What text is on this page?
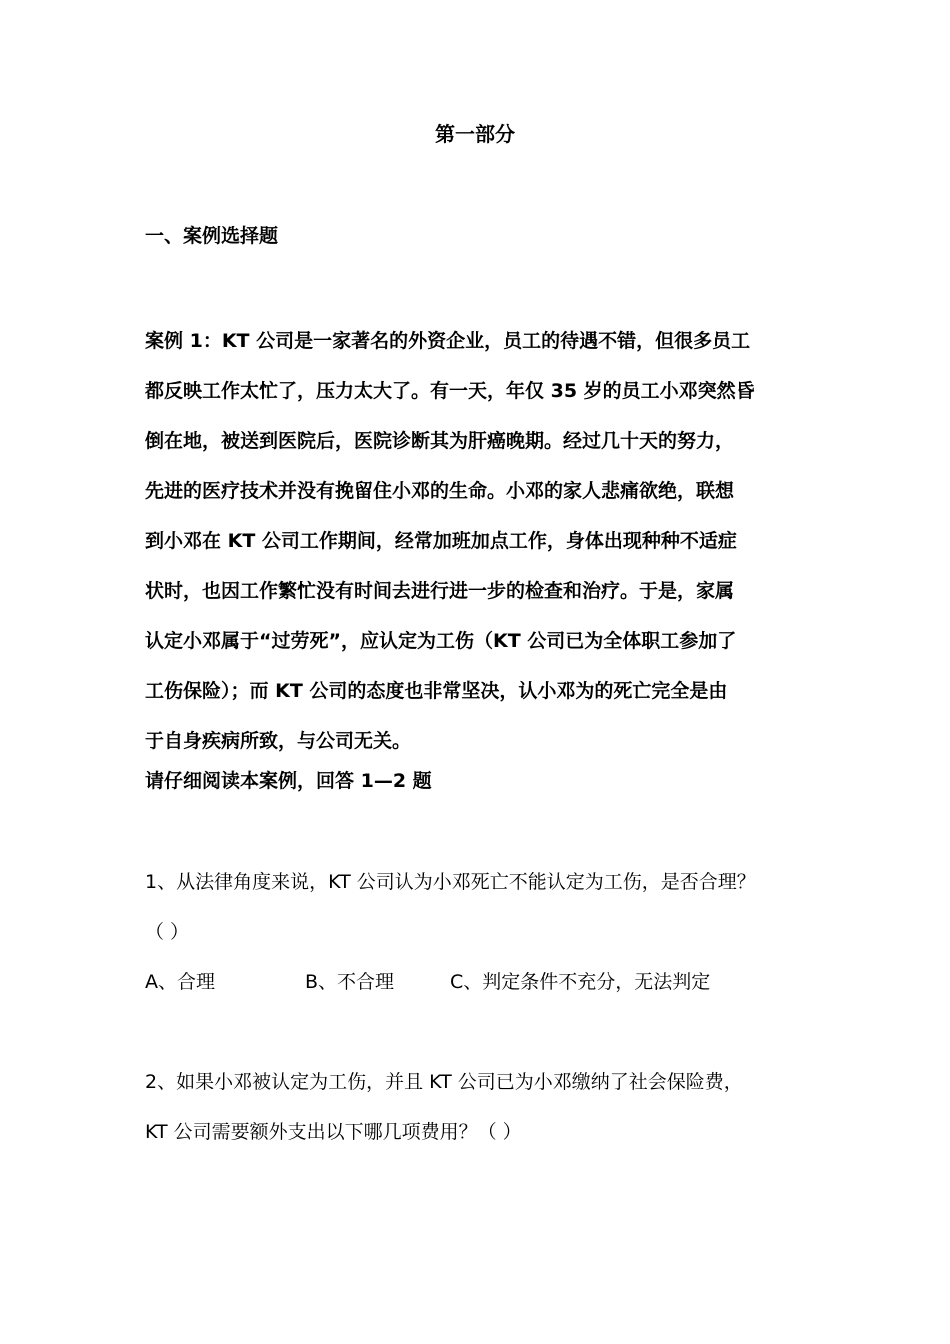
第一部分
一、案例选择题
案例 1：KT 公司是一家著名的外资企业，员工的待遇不错，但很多员工
都反映工作太忙了，压力太大了。有一天，年仅 35 岁的员工小邓突然昏
倒在地，被送到医院后，医院诊断其为肝癌晚期。经过几十天的努力，
先进的医疗技术并没有挽留住小邓的生命。小邓的家人悲痛欲绝，联想
到小邓在 KT 公司工作期间，经常加班加点工作，身体出现种种不适症
状时，也因工作繁忙没有时间去进行进一步的检查和治疗。于是，家属
认定小邓属于“过劳死”，应认定为工伤（KT 公司已为全体职工参加了
工伤保险）；而 KT 公司的态度也非常坚决，认小邓为的死亡完全是由
于自身疾病所致，与公司无关。
请仔细阅读本案例，回答 1—2 题
1、从法律角度来说，KT 公司认为小邓死亡不能认定为工伤，是否合理？
（ ）
A、合理	B、不合理	C、判定条件不充分，无法判定
2、如果小邓被认定为工伤，并且 KT 公司已为小邓缴纳了社会保险费，
KT 公司需要额外支出以下哪几项费用？（ ）
